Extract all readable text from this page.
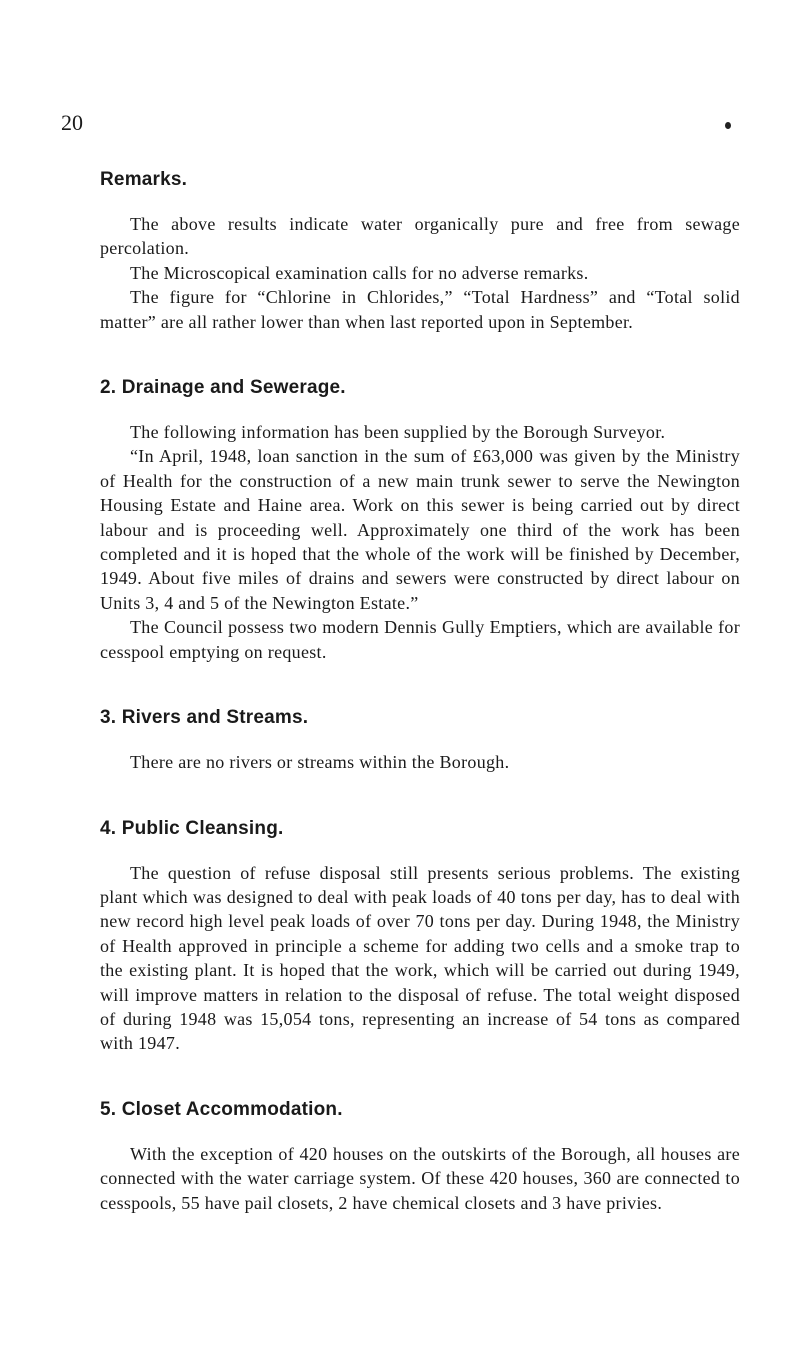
20
Remarks.

The above results indicate water organically pure and free from sewage percolation.

The Microscopical examination calls for no adverse remarks.

The figure for “Chlorine in Chlorides,” “Total Hardness” and “Total solid matter” are all rather lower than when last reported upon in September.

2. Drainage and Sewerage.

The following information has been supplied by the Borough Surveyor.

“In April, 1948, loan sanction in the sum of £63,000 was given by the Ministry of Health for the construction of a new main trunk sewer to serve the Newington Housing Estate and Haine area. Work on this sewer is being carried out by direct labour and is proceeding well. Approximately one third of the work has been completed and it is hoped that the whole of the work will be finished by December, 1949. About five miles of drains and sewers were constructed by direct labour on Units 3, 4 and 5 of the Newington Estate.”

The Council possess two modern Dennis Gully Emptiers, which are available for cesspool emptying on request.

3. Rivers and Streams.

There are no rivers or streams within the Borough.

4. Public Cleansing.

The question of refuse disposal still presents serious problems. The existing plant which was designed to deal with peak loads of 40 tons per day, has to deal with new record high level peak loads of over 70 tons per day. During 1948, the Ministry of Health approved in principle a scheme for adding two cells and a smoke trap to the existing plant. It is hoped that the work, which will be carried out during 1949, will improve matters in relation to the disposal of refuse. The total weight disposed of during 1948 was 15,054 tons, representing an increase of 54 tons as compared with 1947.

5. Closet Accommodation.

With the exception of 420 houses on the outskirts of the Borough, all houses are connected with the water carriage system. Of these 420 houses, 360 are connected to cesspools, 55 have pail closets, 2 have chemical closets and 3 have privies.
